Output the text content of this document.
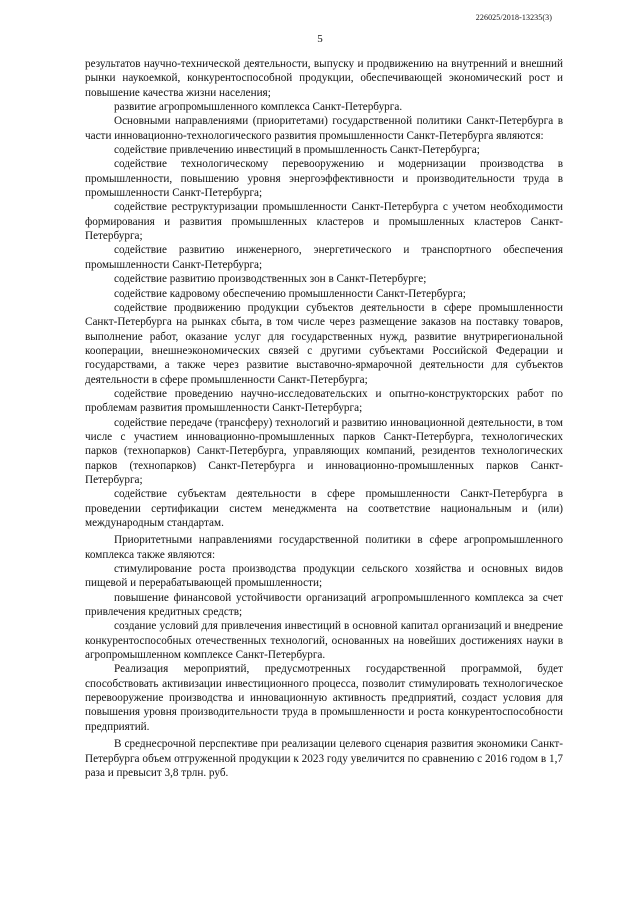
226025/2018-13235(3)
5

результатов научно-технической деятельности, выпуску и продвижению на внутренний и внешний рынки наукоемкой, конкурентоспособной продукции, обеспечивающей экономический рост и повышение качества жизни населения;

развитие агропромышленного комплекса Санкт-Петербурга.

Основными направлениями (приоритетами) государственной политики Санкт-Петербурга в части инновационно-технологического развития промышленности Санкт-Петербурга являются:

содействие привлечению инвестиций в промышленность Санкт-Петербурга;

содействие технологическому перевооружению и модернизации производства в промышленности, повышению уровня энергоэффективности и производительности труда в промышленности Санкт-Петербурга;

содействие реструктуризации промышленности Санкт-Петербурга с учетом необходимости формирования и развития промышленных кластеров и промышленных кластеров Санкт-Петербурга;

содействие развитию инженерного, энергетического и транспортного обеспечения промышленности Санкт-Петербурга;

содействие развитию производственных зон в Санкт-Петербурге;

содействие кадровому обеспечению промышленности Санкт-Петербурга;

содействие продвижению продукции субъектов деятельности в сфере промышленности Санкт-Петербурга на рынках сбыта, в том числе через размещение заказов на поставку товаров, выполнение работ, оказание услуг для государственных нужд, развитие внутрирегиональной кооперации, внешнеэкономических связей с другими субъектами Российской Федерации и государствами, а также через развитие выставочно-ярмарочной деятельности для субъектов деятельности в сфере промышленности Санкт-Петербурга;

содействие проведению научно-исследовательских и опытно-конструкторских работ по проблемам развития промышленности Санкт-Петербурга;

содействие передаче (трансферу) технологий и развитию инновационной деятельности, в том числе с участием инновационно-промышленных парков Санкт-Петербурга, технологических парков (технопарков) Санкт-Петербурга, управляющих компаний, резидентов технологических парков (технопарков) Санкт-Петербурга и инновационно-промышленных парков Санкт-Петербурга;

содействие субъектам деятельности в сфере промышленности Санкт-Петербурга в проведении сертификации систем менеджмента на соответствие национальным и (или) международным стандартам.

Приоритетными направлениями государственной политики в сфере агропромышленного комплекса также являются:

стимулирование роста производства продукции сельского хозяйства и основных видов пищевой и перерабатывающей промышленности;

повышение финансовой устойчивости организаций агропромышленного комплекса за счет привлечения кредитных средств;

создание условий для привлечения инвестиций в основной капитал организаций и внедрение конкурентоспособных отечественных технологий, основанных на новейших достижениях науки в агропромышленном комплексе Санкт-Петербурга.

Реализация мероприятий, предусмотренных государственной программой, будет способствовать активизации инвестиционного процесса, позволит стимулировать технологическое перевооружение производства и инновационную активность предприятий, создаст условия для повышения уровня производительности труда в промышленности и роста конкурентоспособности предприятий.

В среднесрочной перспективе при реализации целевого сценария развития экономики Санкт-Петербурга объем отгруженной продукции к 2023 году увеличится по сравнению с 2016 годом в 1,7 раза и превысит 3,8 трлн. руб.
